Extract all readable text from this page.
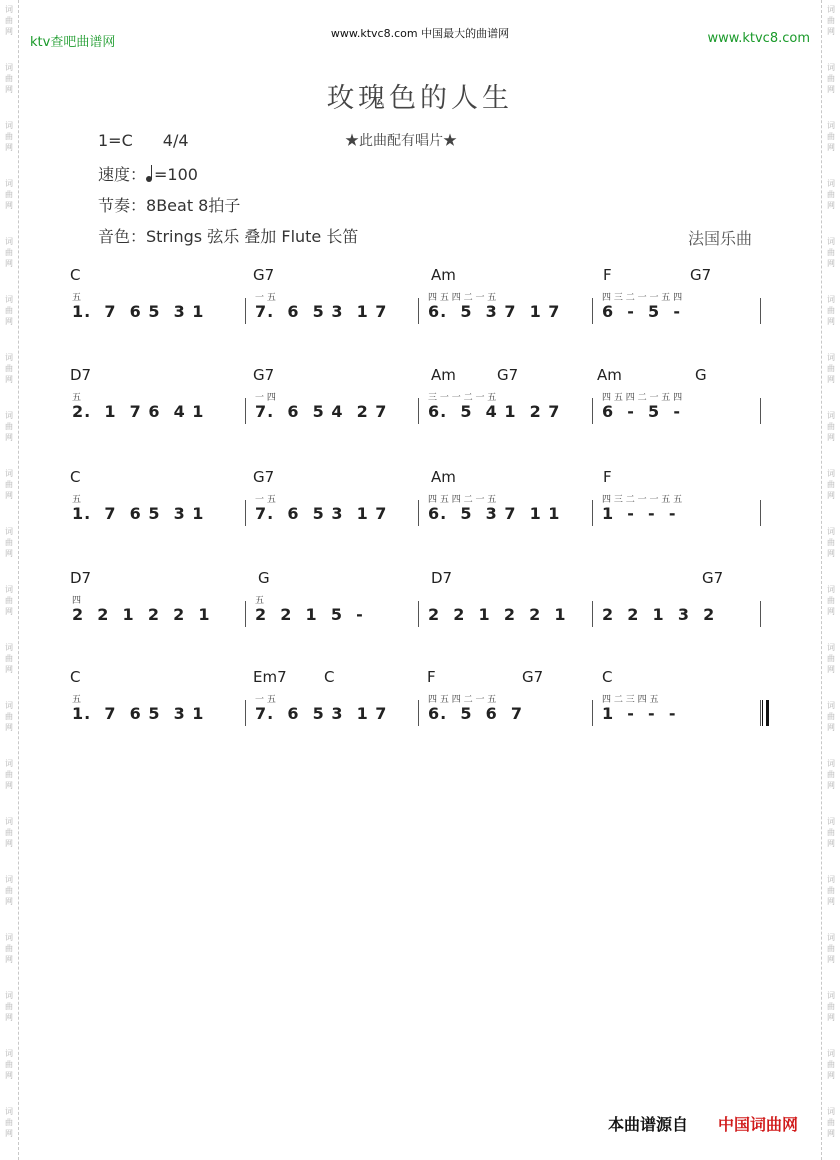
词
曲
网
词
曲
网
词
曲
网
词
曲
网
词
曲
网
词
曲
网
词
曲
网
词
曲
网
词
曲
网
词
曲
网
词
曲
网
词
曲
网
词
曲
网
词
曲
网
词
曲
网
词
曲
网
词
曲
网
词
曲
网
词
曲
网
词
曲
网
词
曲
网
词
曲
网
词
曲
网
词
曲
网
词
曲
网
词
曲
网
词
曲
网
词
曲
网
词
曲
网
词
曲
网
词
曲
网
词
曲
网
词
曲
网
词
曲
网
词
曲
网
词
曲
网
词
曲
网
词
曲
网
词
曲
网
词
曲
网
ktv查吧曲谱网
www.ktvc8.com 中国最大的曲谱网	www.ktvc8.com
玫瑰色的人生
★此曲配有唱片★
1=C 4/4
速度： =100
节奏：8Beat 8拍子
音色：Strings 弦乐 叠加 Flute 长笛	法国乐曲
C	G7	Am	F	G7
五	一 五	四 五 四 二 一 五	四 三 二 一 一 五 四
1.  7  6 5  3 1	7.  6  5 3  1 7	6.  5  3 7  1 7	6  -  5  -
D7	G7	Am	G7	Am	G
五	一 四	三 一 一 二 一 五	四 五 四 二 一 五 四
2.  1  7 6  4 1	7.  6  5 4  2 7	6.  5  4 1  2 7	6  -  5  -
C	G7	Am	F
五	一 五	四 五 四 二 一 五	四 三 二 一 一 五 五
1.  7  6 5  3 1	7.  6  5 3  1 7	6.  5  3 7  1 1	1  -  -  -
D7	G	D7	G7
四	五
2  2  1  2  2  1	2  2  1  5  -	2  2  1  2  2  1 2  2  1  3  2
C	Em7 C	F	G7	C
五	一 五	四 五 四 二 一 五	四 二 三 四 五
1.  7  6 5  3 1	7.  6  5 3  1 7	6.  5  6  7	1  -  -  -
本曲谱源自 中国词曲网
